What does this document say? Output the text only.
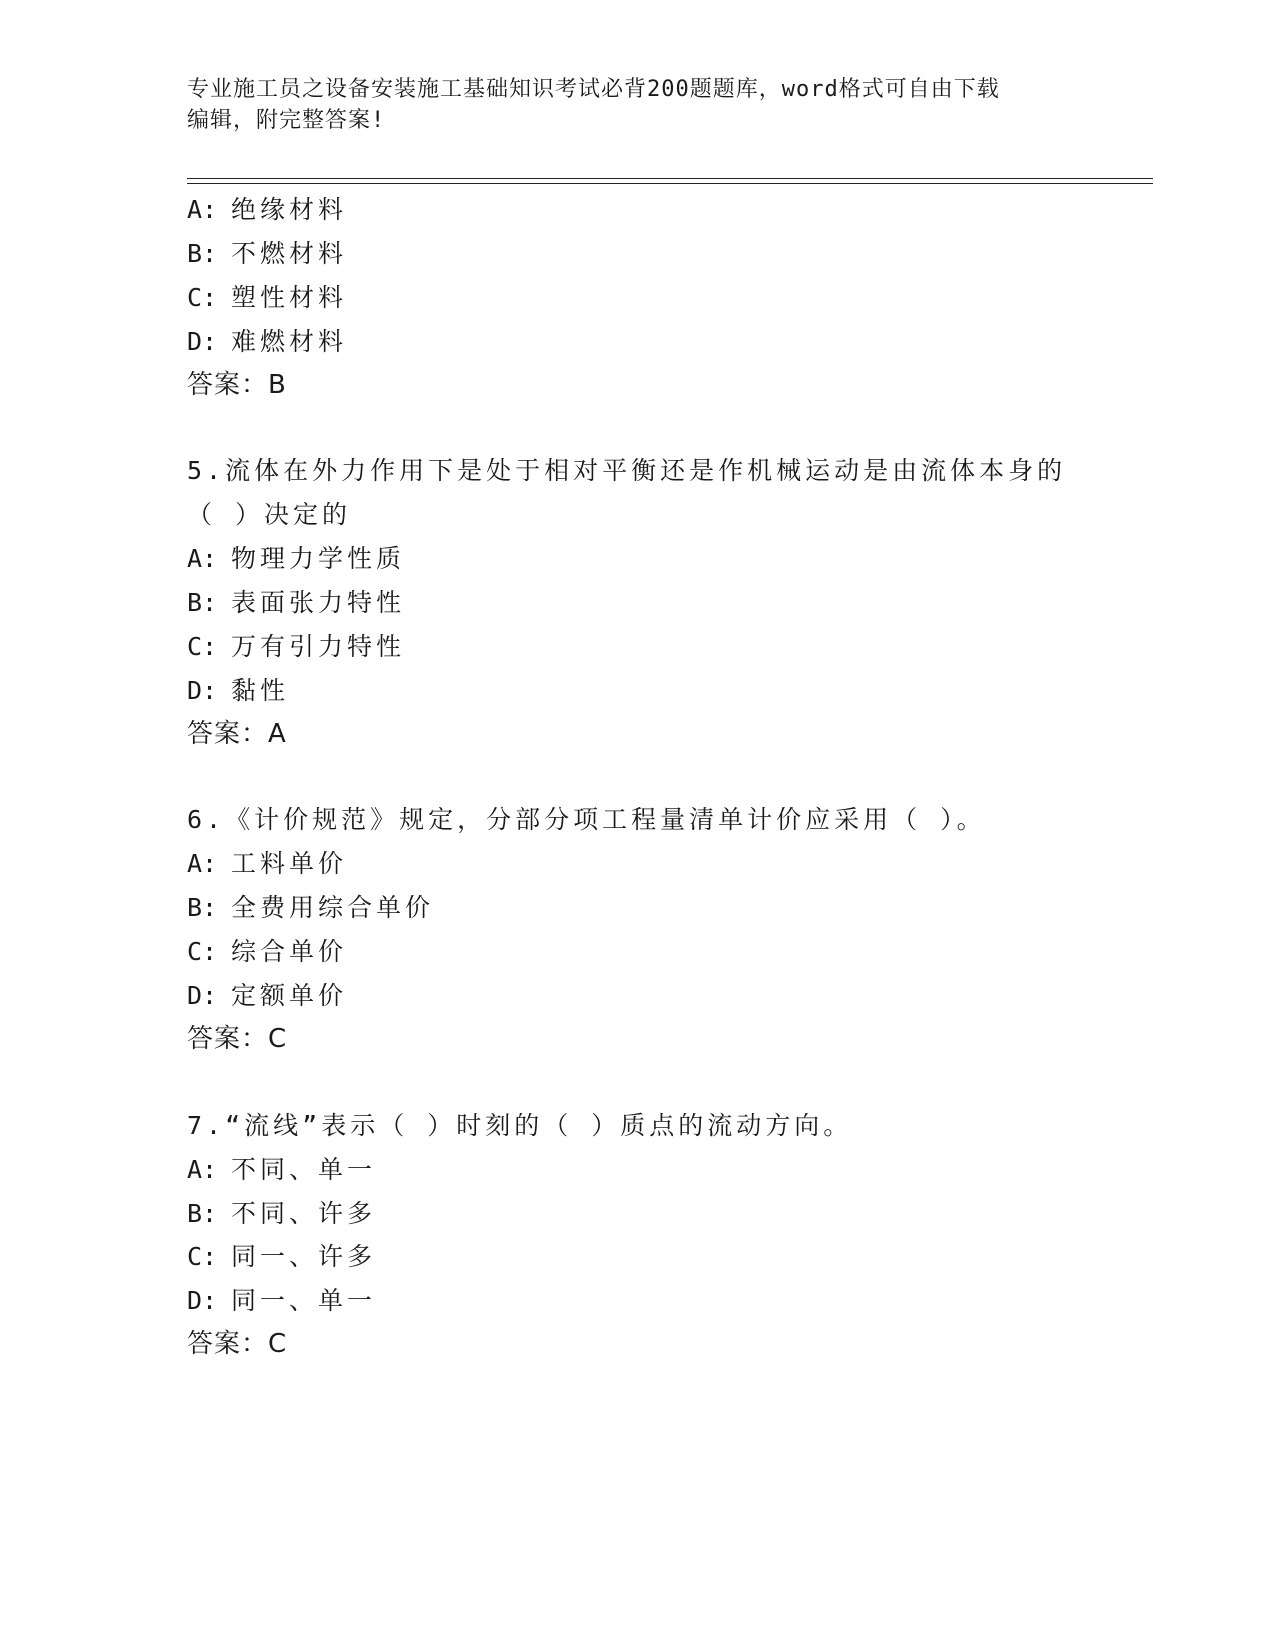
专业施工员之设备安装施工基础知识考试必背200题题库，word格式可自由下载
编辑，附完整答案!
A: 绝缘材料
B: 不燃材料
C: 塑性材料
D: 难燃材料
答案：B
5.流体在外力作用下是处于相对平衡还是作机械运动是由流体本身的
（ ）决定的
A: 物理力学性质
B: 表面张力特性
C: 万有引力特性
D: 黏性
答案：A
6.《计价规范》规定，分部分项工程量清单计价应采用（ ）。
A: 工料单价
B: 全费用综合单价
C: 综合单价
D: 定额单价
答案：C
7.“流线”表示（ ）时刻的（ ）质点的流动方向。
A: 不同、单一
B: 不同、许多
C: 同一、许多
D: 同一、单一
答案：C
